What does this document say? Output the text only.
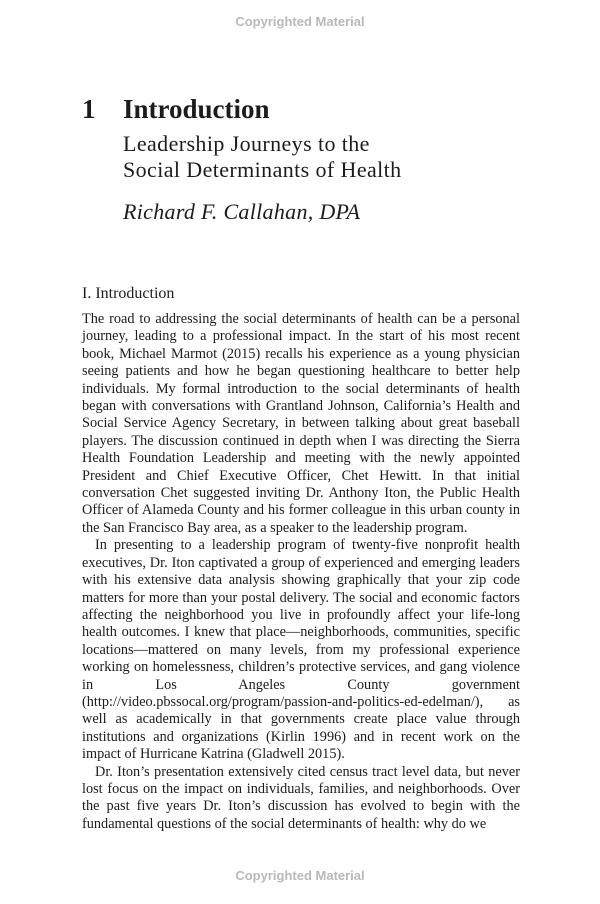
Copyrighted Material
1 Introduction
Leadership Journeys to the
Social Determinants of Health
Richard F. Callahan, DPA
I. Introduction

The road to addressing the social determinants of health can be a personal journey, leading to a professional impact. In the start of his most recent book, Michael Marmot (2015) recalls his experience as a young physician seeing patients and how he began questioning healthcare to better help individuals. My formal introduction to the social determinants of health began with conversations with Grantland Johnson, California’s Health and Social Service Agency Secretary, in between talking about great baseball players. The discussion continued in depth when I was directing the Sierra Health Foundation Leadership and meeting with the newly appointed President and Chief Executive Officer, Chet Hewitt. In that initial conversation Chet suggested inviting Dr. Anthony Iton, the Public Health Officer of Alameda County and his former colleague in this urban county in the San Francisco Bay area, as a speaker to the leadership program.

In presenting to a leadership program of twenty-five nonprofit health executives, Dr. Iton captivated a group of experienced and emerging leaders with his extensive data analysis showing graphically that your zip code matters for more than your postal delivery. The social and economic factors affecting the neighborhood you live in profoundly affect your life-long health outcomes. I knew that place—neighborhoods, communities, specific locations—mattered on many levels, from my professional experience working on homelessness, children’s protective services, and gang violence in Los Angeles County government (http://video.pbssocal.org/program/passion-and-politics-ed-edelman/), as well as academically in that governments create place value through institutions and organizations (Kirlin 1996) and in recent work on the impact of Hurricane Katrina (Gladwell 2015).

Dr. Iton’s presentation extensively cited census tract level data, but never lost focus on the impact on individuals, families, and neighborhoods. Over the past five years Dr. Iton’s discussion has evolved to begin with the fundamental questions of the social determinants of health: why do we

Copyrighted Material
